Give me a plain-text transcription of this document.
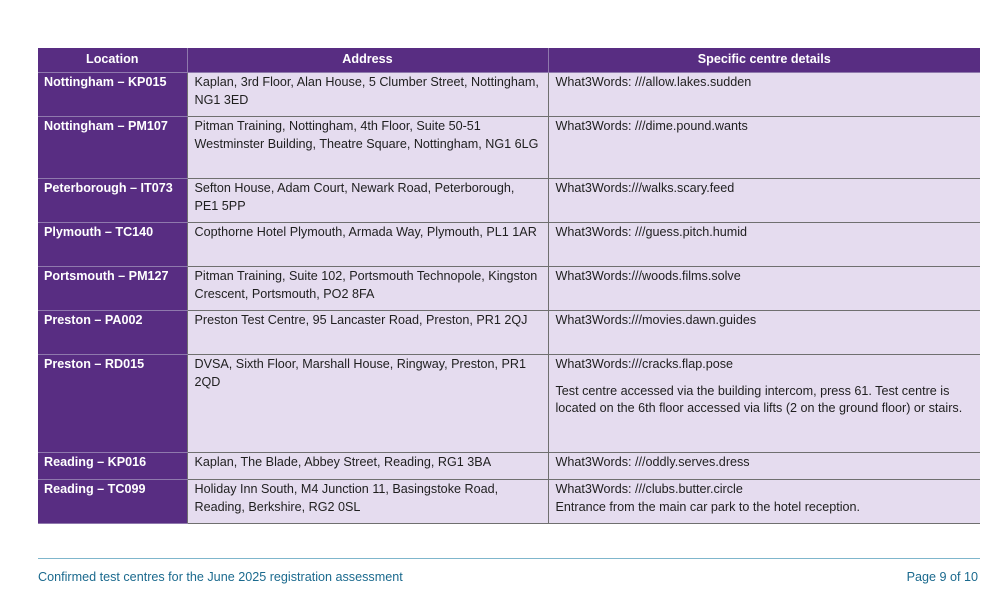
Location	Address	Specific centre details
Nottingham – KP015	Kaplan, 3rd Floor, Alan House, 5 Clumber Street, Nottingham, NG1 3ED	What3Words: ///allow.lakes.sudden

Nottingham – PM107	Pitman Training, Nottingham, 4th Floor, Suite 50-51 Westminster Building, Theatre Square, Nottingham, NG1 6LG	What3Words: ///dime.pound.wants

Peterborough – IT073	Sefton House, Adam Court, Newark Road, Peterborough, PE1 5PP	What3Words:///walks.scary.feed

Plymouth – TC140	Copthorne Hotel Plymouth, Armada Way, Plymouth, PL1 1AR	What3Words: ///guess.pitch.humid

Portsmouth – PM127	Pitman Training, Suite 102, Portsmouth Technopole, Kingston Crescent, Portsmouth, PO2 8FA	What3Words:///woods.films.solve

Preston – PA002	Preston Test Centre, 95 Lancaster Road, Preston, PR1 2QJ	What3Words:///movies.dawn.guides

Preston – RD015	DVSA, Sixth Floor, Marshall House, Ringway, Preston, PR1 2QD	What3Words:///cracks.flap.pose
Test centre accessed via the building intercom, press 61. Test centre is located on the 6th floor accessed via lifts (2 on the ground floor) or stairs.

Reading – KP016	Kaplan, The Blade, Abbey Street, Reading, RG1 3BA	What3Words: ///oddly.serves.dress

Reading – TC099	Holiday Inn South, M4 Junction 11, Basingstoke Road, Reading, Berkshire, RG2 0SL	What3Words: ///clubs.butter.circle
Entrance from the main car park to the hotel reception.
Confirmed test centres for the June 2025 registration assessment	Page 9 of 10
